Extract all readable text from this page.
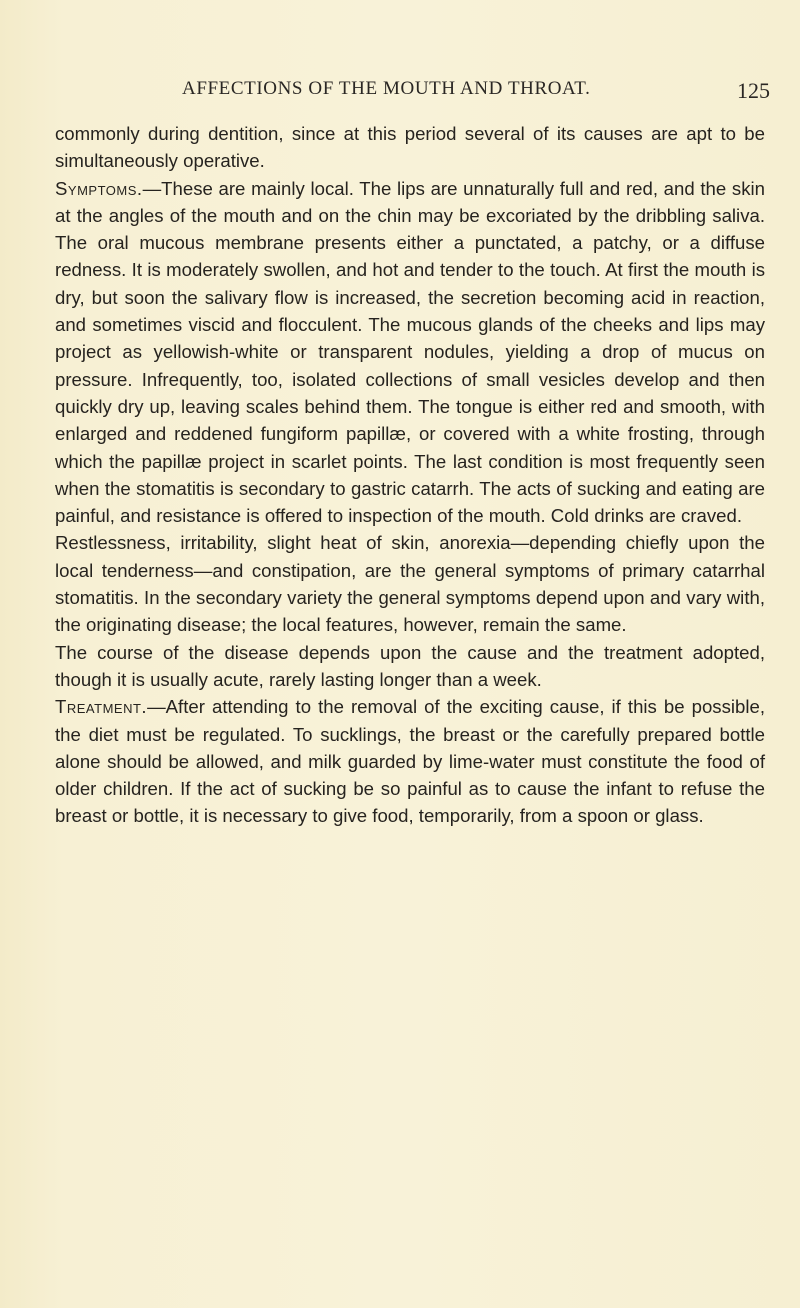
AFFECTIONS OF THE MOUTH AND THROAT.	125

commonly during dentition, since at this period several of its causes are apt to be simultaneously operative.

Symptoms.—These are mainly local. The lips are unnaturally full and red, and the skin at the angles of the mouth and on the chin may be excoriated by the dribbling saliva. The oral mucous membrane presents either a punctated, a patchy, or a diffuse redness. It is moderately swollen, and hot and tender to the touch. At first the mouth is dry, but soon the salivary flow is increased, the secretion becoming acid in reaction, and sometimes viscid and flocculent. The mucous glands of the cheeks and lips may project as yellowish-white or transparent nodules, yielding a drop of mucus on pressure. Infrequently, too, isolated collections of small vesicles develop and then quickly dry up, leaving scales behind them. The tongue is either red and smooth, with enlarged and reddened fungiform papillæ, or covered with a white frosting, through which the papillæ project in scarlet points. The last condition is most frequently seen when the stomatitis is secondary to gastric catarrh. The acts of sucking and eating are painful, and resistance is offered to inspection of the mouth. Cold drinks are craved.

Restlessness, irritability, slight heat of skin, anorexia—depending chiefly upon the local tenderness—and constipation, are the general symptoms of primary catarrhal stomatitis. In the secondary variety the general symptoms depend upon and vary with, the originating disease; the local features, however, remain the same.

The course of the disease depends upon the cause and the treatment adopted, though it is usually acute, rarely lasting longer than a week.

Treatment.—After attending to the removal of the exciting cause, if this be possible, the diet must be regulated. To sucklings, the breast or the carefully prepared bottle alone should be allowed, and milk guarded by lime-water must constitute the food of older children. If the act of sucking be so painful as to cause the infant to refuse the breast or bottle, it is necessary to give food, temporarily, from a spoon or glass.
